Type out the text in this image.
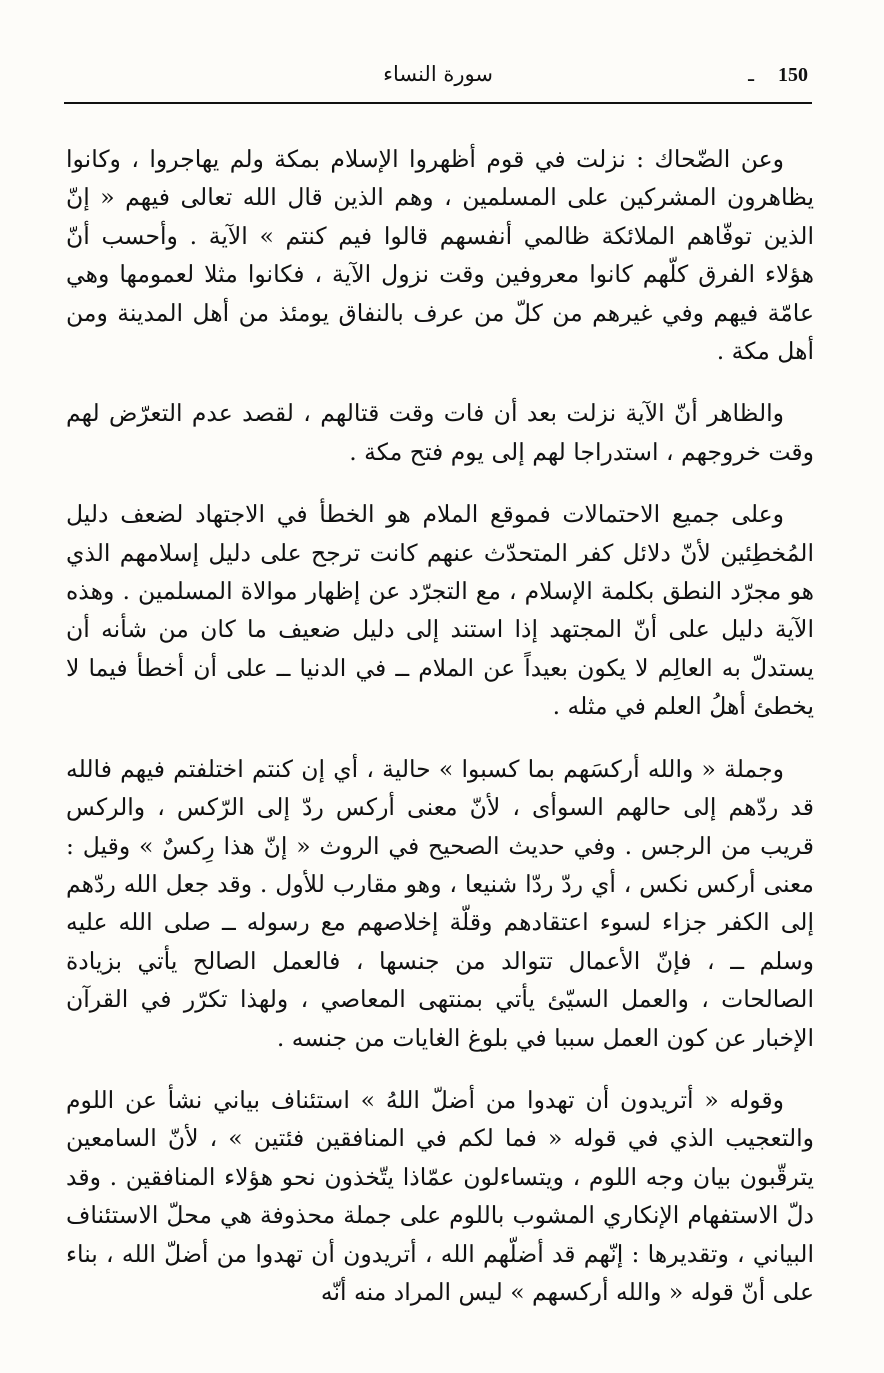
150
ـ
سورة النساء

وعن الضّحاك : نزلت في قوم أظهروا الإسلام بمكة ولم يهاجروا ، وكانوا يظاهرون المشركين على المسلمين ، وهم الذين قال الله تعالى فيهم « إنّ الذين توفّاهم الملائكة ظالمي أنفسهم قالوا فيم كنتم » الآية . وأحسب أنّ هؤلاء الفرق كلّهم كانوا معروفين وقت نزول الآية ، فكانوا مثلا لعمومها وهي عامّة فيهم وفي غيرهم من كلّ من عرف بالنفاق يومئذ من أهل المدينة ومن أهل مكة .

والظاهر أنّ الآية نزلت بعد أن فات وقت قتالهم ، لقصد عدم التعرّض لهم وقت خروجهم ، استدراجا لهم إلى يوم فتح مكة .

وعلى جميع الاحتمالات فموقع الملام هو الخطأ في الاجتهاد لضعف دليل المُخطِئين لأنّ دلائل كفر المتحدّث عنهم كانت ترجح على دليل إسلامهم الذي هو مجرّد النطق بكلمة الإسلام ، مع التجرّد عن إظهار موالاة المسلمين . وهذه الآية دليل على أنّ المجتهد إذا استند إلى دليل ضعيف ما كان من شأنه أن يستدلّ به العالِم لا يكون بعيداً عن الملام ــ في الدنيا ــ على أن أخطأ فيما لا يخطئ أهلُ العلم في مثله .

وجملة « والله أركسَهم بما كسبوا » حالية ، أي إن كنتم اختلفتم فيهم فالله قد ردّهم إلى حالهم السوأى ، لأنّ معنى أركس ردّ إلى الرّكس ، والركس قريب من الرجس . وفي حديث الصحيح في الروث « إنّ هذا رِكسٌ » وقيل : معنى أركس نكس ، أي ردّ ردّا شنيعا ، وهو مقارب للأول . وقد جعل الله ردّهم إلى الكفر جزاء لسوء اعتقادهم وقلّة إخلاصهم مع رسوله ــ صلى الله عليه وسلم ــ ، فإنّ الأعمال تتوالد من جنسها ، فالعمل الصالح يأتي بزيادة الصالحات ، والعمل السيّئ يأتي بمنتهى المعاصي ، ولهذا تكرّر في القرآن الإخبار عن كون العمل سببا في بلوغ الغايات من جنسه .

وقوله « أتريدون أن تهدوا من أضلّ اللهُ » استئناف بياني نشأ عن اللوم والتعجيب الذي في قوله « فما لكم في المنافقين فئتين » ، لأنّ السامعين يترقّبون بيان وجه اللوم ، ويتساءلون عمّاذا يتّخذون نحو هؤلاء المنافقين . وقد دلّ الاستفهام الإنكاري المشوب باللوم على جملة محذوفة هي محلّ الاستئناف البياني ، وتقديرها : إنّهم قد أضلّهم الله ، أتريدون أن تهدوا من أضلّ الله ، بناء على أنّ قوله « والله أركسهم » ليس المراد منه أنّه
